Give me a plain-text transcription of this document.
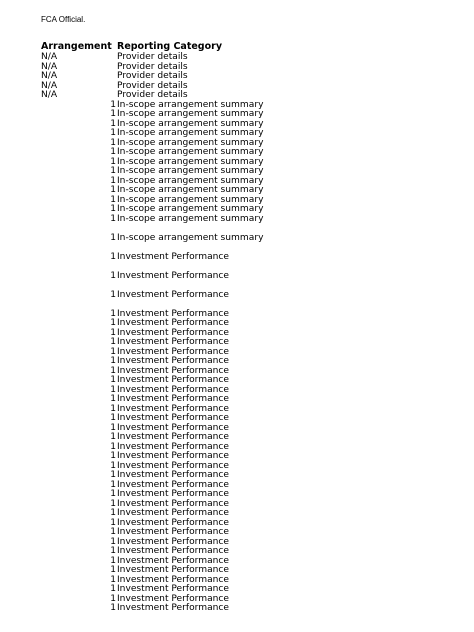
FCA Official.
Arrangement Reporting Category
N/A	Provider details
N/A	Provider details
N/A	Provider details
N/A	Provider details
N/A	Provider details
1 In-scope arrangement summary
1 In-scope arrangement summary
1 In-scope arrangement summary
1 In-scope arrangement summary
1 In-scope arrangement summary
1 In-scope arrangement summary
1 In-scope arrangement summary
1 In-scope arrangement summary
1 In-scope arrangement summary
1 In-scope arrangement summary
1 In-scope arrangement summary
1 In-scope arrangement summary
1 In-scope arrangement summary
1 In-scope arrangement summary
1 Investment Performance
1 Investment Performance
1 Investment Performance
1 Investment Performance
1 Investment Performance
1 Investment Performance
1 Investment Performance
1 Investment Performance
1 Investment Performance
1 Investment Performance
1 Investment Performance
1 Investment Performance
1 Investment Performance
1 Investment Performance
1 Investment Performance
1 Investment Performance
1 Investment Performance
1 Investment Performance
1 Investment Performance
1 Investment Performance
1 Investment Performance
1 Investment Performance
1 Investment Performance
1 Investment Performance
1 Investment Performance
1 Investment Performance
1 Investment Performance
1 Investment Performance
1 Investment Performance
1 Investment Performance
1 Investment Performance
1 Investment Performance
1 Investment Performance
1 Investment Performance
1 Investment Performance
